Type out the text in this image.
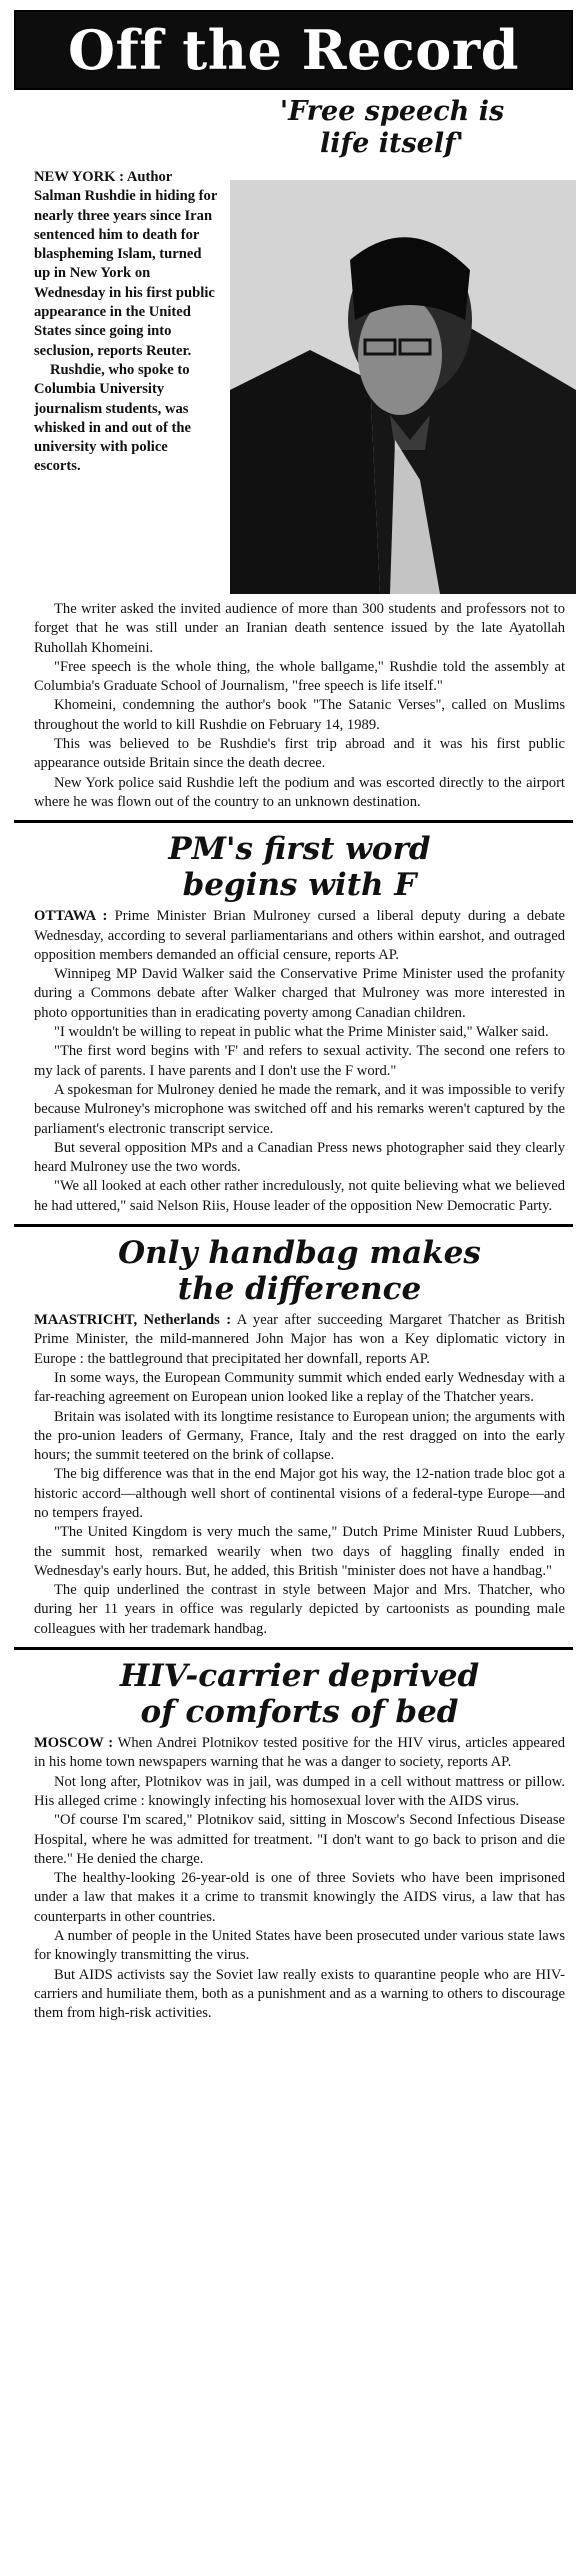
Off the Record
'Free speech is
life itself'

NEW YORK : Author Salman Rushdie in hiding for nearly three years since Iran sentenced him to death for blaspheming Islam, turned up in New York on Wednesday in his first public appearance in the United States since going into seclusion, reports Reuter.

Rushdie, who spoke to Columbia University journalism students, was whisked in and out of the university with police escorts.

The writer asked the invited audience of more than 300 students and professors not to forget that he was still under an Iranian death sentence issued by the late Ayatollah Ruhollah Khomeini.

"Free speech is the whole thing, the whole ballgame," Rushdie told the assembly at Columbia's Graduate School of Journalism, "free speech is life itself."

Khomeini, condemning the author's book "The Satanic Verses", called on Muslims throughout the world to kill Rushdie on February 14, 1989.

This was believed to be Rushdie's first trip abroad and it was his first public appearance outside Britain since the death decree.

New York police said Rushdie left the podium and was escorted directly to the airport where he was flown out of the country to an unknown destination.

PM's first word
begins with F

OTTAWA : Prime Minister Brian Mulroney cursed a liberal deputy during a debate Wednesday, according to several parliamentarians and others within earshot, and outraged opposition members demanded an official censure, reports AP.

Winnipeg MP David Walker said the Conservative Prime Minister used the profanity during a Commons debate after Walker charged that Mulroney was more interested in photo opportunities than in eradicating poverty among Canadian children.

"I wouldn't be willing to repeat in public what the Prime Minister said," Walker said.

"The first word begins with 'F' and refers to sexual activity. The second one refers to my lack of parents. I have parents and I don't use the F word."

A spokesman for Mulroney denied he made the remark, and it was impossible to verify because Mulroney's microphone was switched off and his remarks weren't captured by the parliament's electronic transcript service.

But several opposition MPs and a Canadian Press news photographer said they clearly heard Mulroney use the two words.

"We all looked at each other rather incredulously, not quite believing what we believed he had uttered," said Nelson Riis, House leader of the opposition New Democratic Party.

Only handbag makes
the difference

MAASTRICHT, Netherlands : A year after succeeding Margaret Thatcher as British Prime Minister, the mild-mannered John Major has won a Key diplomatic victory in Europe : the battleground that precipitated her downfall, reports AP.

In some ways, the European Community summit which ended early Wednesday with a far-reaching agreement on European union looked like a replay of the Thatcher years.

Britain was isolated with its longtime resistance to European union; the arguments with the pro-union leaders of Germany, France, Italy and the rest dragged on into the early hours; the summit teetered on the brink of collapse.

The big difference was that in the end Major got his way, the 12-nation trade bloc got a historic accord—although well short of continental visions of a federal-type Europe—and no tempers frayed.

"The United Kingdom is very much the same," Dutch Prime Minister Ruud Lubbers, the summit host, remarked wearily when two days of haggling finally ended in Wednesday's early hours. But, he added, this British "minister does not have a handbag."

The quip underlined the contrast in style between Major and Mrs. Thatcher, who during her 11 years in office was regularly depicted by cartoonists as pounding male colleagues with her trademark handbag.

HIV-carrier deprived
of comforts of bed

MOSCOW : When Andrei Plotnikov tested positive for the HIV virus, articles appeared in his home town newspapers warning that he was a danger to society, reports AP.

Not long after, Plotnikov was in jail, was dumped in a cell without mattress or pillow. His alleged crime : knowingly infecting his homosexual lover with the AIDS virus.

"Of course I'm scared," Plotnikov said, sitting in Moscow's Second Infectious Disease Hospital, where he was admitted for treatment. "I don't want to go back to prison and die there." He denied the charge.

The healthy-looking 26-year-old is one of three Soviets who have been imprisoned under a law that makes it a crime to transmit knowingly the AIDS virus, a law that has counterparts in other countries.

A number of people in the United States have been prosecuted under various state laws for knowingly transmitting the virus.

But AIDS activists say the Soviet law really exists to quarantine people who are HIV-carriers and humiliate them, both as a punishment and as a warning to others to discourage them from high-risk activities.
